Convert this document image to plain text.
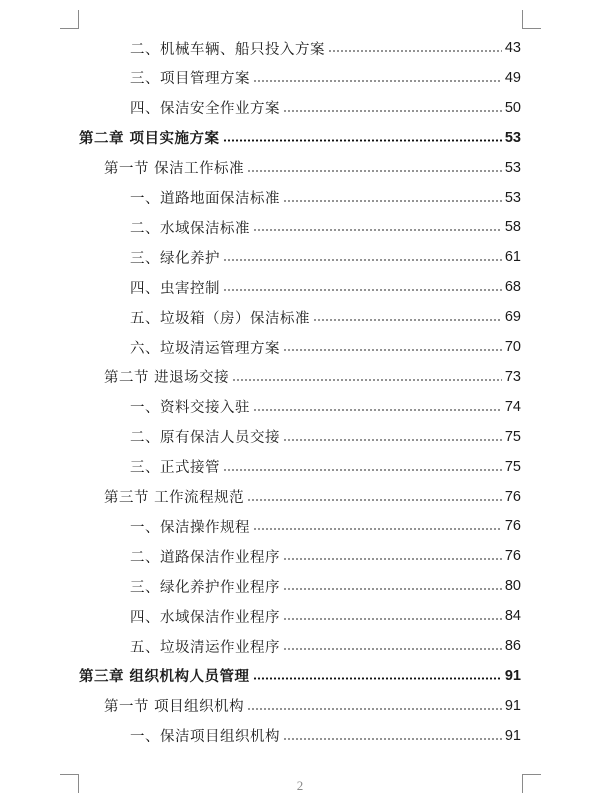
二、机械车辆、船只投入方案	43
三、项目管理方案	49
四、保洁安全作业方案	50
第二章 项目实施方案	53
第一节 保洁工作标准	53
一、道路地面保洁标准	53
二、水域保洁标准	58
三、绿化养护	61
四、虫害控制	68
五、垃圾箱（房）保洁标准	69
六、垃圾清运管理方案	70
第二节 进退场交接	73
一、资料交接入驻	74
二、原有保洁人员交接	75
三、正式接管	75
第三节 工作流程规范	76
一、保洁操作规程	76
二、道路保洁作业程序	76
三、绿化养护作业程序	80
四、水域保洁作业程序	84
五、垃圾清运作业程序	86
第三章 组织机构人员管理	91
第一节 项目组织机构	91
一、保洁项目组织机构	91
2
